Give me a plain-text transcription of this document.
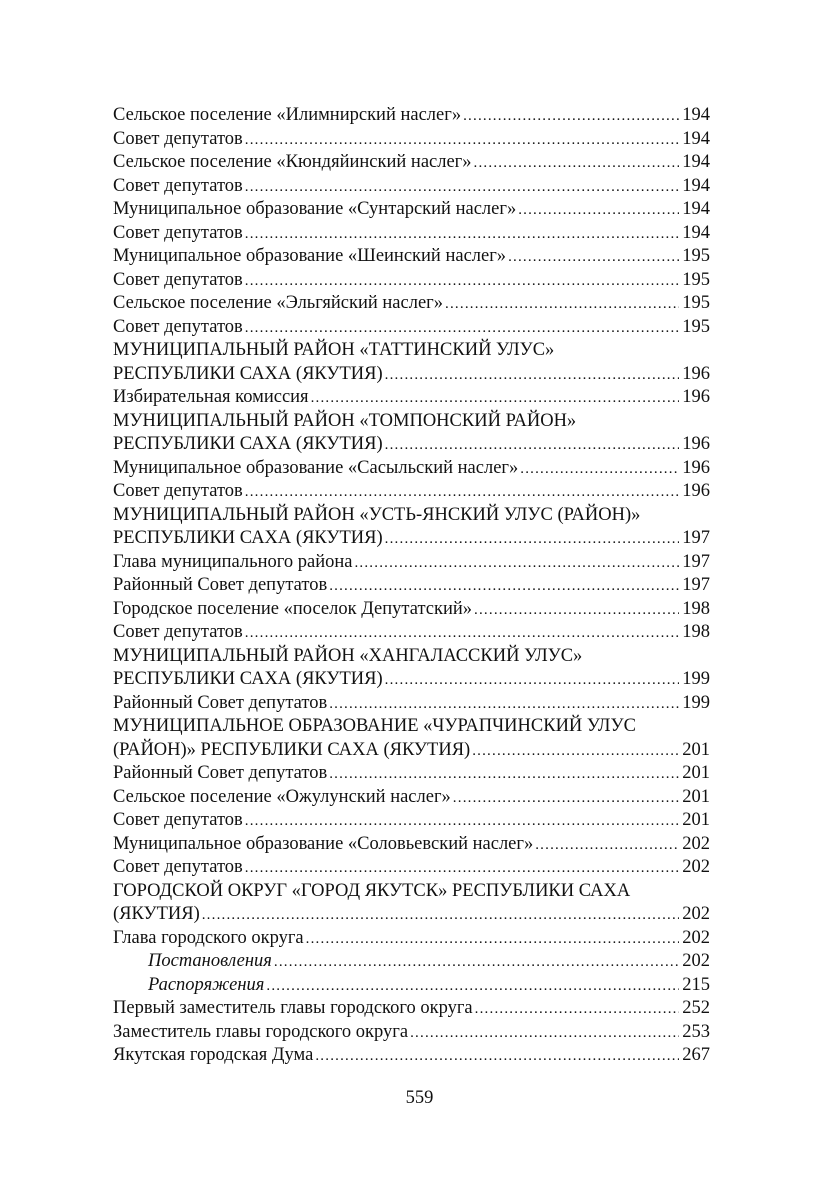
Сельское поселение «Илимнирский наслег» .....	194
Совет депутатов .....	194
Сельское поселение «Кюндяйинский наслег» .....	194
Совет депутатов .....	194
Муниципальное образование «Сунтарский наслег» .....	194
Совет депутатов .....	194
Муниципальное образование «Шеинский наслег» .....	195
Совет депутатов .....	195
Сельское поселение «Эльгяйский наслег» .....	195
Совет депутатов .....	195
МУНИЦИПАЛЬНЫЙ РАЙОН «ТАТТИНСКИЙ УЛУС»
РЕСПУБЛИКИ САХА (ЯКУТИЯ) .....	196
Избирательная комиссия .....	196
МУНИЦИПАЛЬНЫЙ РАЙОН «ТОМПОНСКИЙ РАЙОН»
РЕСПУБЛИКИ САХА (ЯКУТИЯ) .....	196
Муниципальное образование «Сасыльский наслег» .....	196
Совет депутатов .....	196
МУНИЦИПАЛЬНЫЙ РАЙОН «УСТЬ-ЯНСКИЙ УЛУС (РАЙОН)»
РЕСПУБЛИКИ САХА (ЯКУТИЯ) .....	197
Глава муниципального района .....	197
Районный Совет депутатов .....	197
Городское поселение «поселок Депутатский» .....	198
Совет депутатов .....	198
МУНИЦИПАЛЬНЫЙ РАЙОН «ХАНГАЛАССКИЙ УЛУС»
РЕСПУБЛИКИ САХА (ЯКУТИЯ) .....	199
Районный Совет депутатов .....	199
МУНИЦИПАЛЬНОЕ ОБРАЗОВАНИЕ «ЧУРАПЧИНСКИЙ УЛУС
(РАЙОН)» РЕСПУБЛИКИ САХА (ЯКУТИЯ) .....	201
Районный Совет депутатов .....	201
Сельское поселение «Ожулунский наслег» .....	201
Совет депутатов .....	201
Муниципальное образование «Соловьевский наслег» .....	202
Совет депутатов .....	202
ГОРОДСКОЙ ОКРУГ «ГОРОД ЯКУТСК» РЕСПУБЛИКИ САХА
(ЯКУТИЯ) .....	202
Глава городского округа .....	202
Постановления .....	202
Распоряжения .....	215
Первый заместитель главы городского округа .....	252
Заместитель главы городского округа .....	253
Якутская городская Дума .....	267
559
